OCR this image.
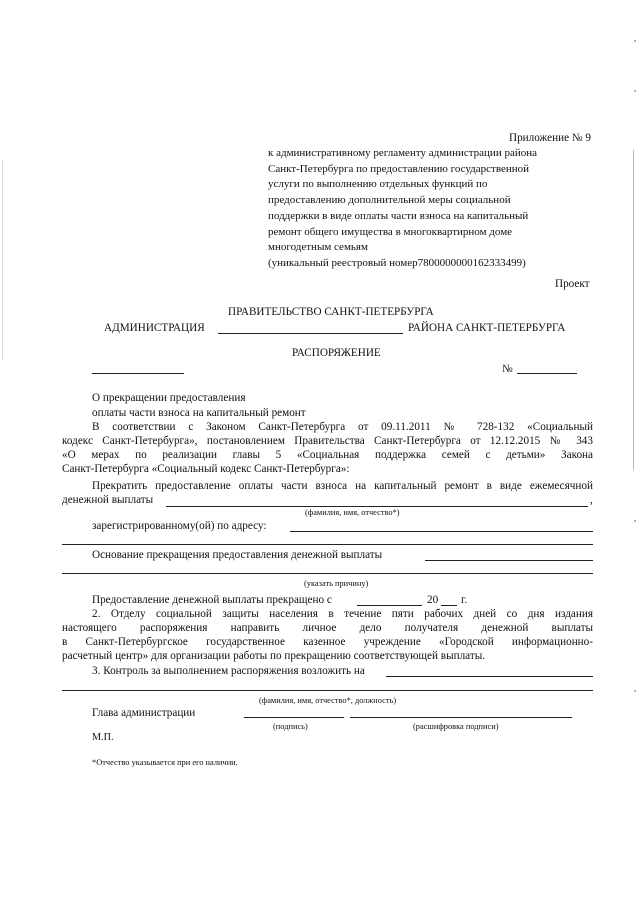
Приложение № 9
к административному регламенту администрации района
Санкт-Петербурга по предоставлению государственной
услуги по выполнению отдельных функций по
предоставлению дополнительной меры социальной
поддержки в виде оплаты части взноса на капитальный
ремонт общего имущества в многоквартирном доме
многодетным семьям
(уникальный реестровый номер7800000000162333499)
Проект
ПРАВИТЕЛЬСТВО САНКТ-ПЕТЕРБУРГА
АДМИНИСТРАЦИЯ	РАЙОНА САНКТ-ПЕТЕРБУРГА
РАСПОРЯЖЕНИЕ
№
О прекращении предоставления
оплаты части взноса на капитальный ремонт
В соответствии с Законом Санкт-Петербурга от 09.11.2011 № 728-132 «Социальный
кодекс Санкт-Петербурга», постановлением Правительства Санкт-Петербурга от 12.12.2015 № 343
«О мерах по реализации главы 5 «Социальная поддержка семей с детьми» Закона
Санкт-Петербурга «Социальный кодекс Санкт-Петербурга»:
Прекратить предоставление оплаты части взноса на капитальный ремонт в виде ежемесячной
денежной выплаты	,
(фамилия, имя, отчество*)
зарегистрированному(ой) по адресу:
Основание прекращения предоставления денежной выплаты
(указать причину)
Предоставление денежной выплаты прекращено с	20 г.
2. Отделу социальной защиты населения в течение пяти рабочих дней со дня издания
настоящего распоряжения направить личное дело получателя денежной выплаты
в Санкт-Петербургское государственное казенное учреждение «Городской информационно-
расчетный центр» для организации работы по прекращению соответствующей выплаты.
3. Контроль за выполнением распоряжения возложить на
(фамилия, имя, отчество*, должность)
Глава администрации
(подпись)	(расшифровка подписи)
М.П.
*Отчество указывается при его наличии.
